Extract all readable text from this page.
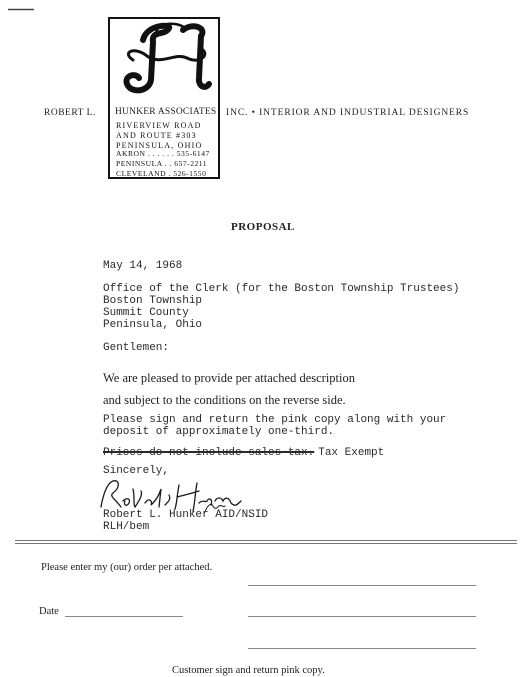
ROBERT L. HUNKER ASSOCIATES
RIVERVIEW ROAD
AND ROUTE #303
PENINSULA, OHIO
AKRON . . . . . . 535-6147
PENINSULA . . 657-2211
CLEVELAND . 526-1550
INC. • INTERIOR AND INDUSTRIAL DESIGNERS
PROPOSAL
May 14, 1968
Office of the Clerk (for the Boston Township Trustees)
Boston Township
Summit County
Peninsula, Ohio
Gentlemen:
We are pleased to provide per attached description
and subject to the conditions on the reverse side.
Please sign and return the pink copy along with your
deposit of approximately one-third.
Prices do not include sales tax. Tax Exempt
Sincerely,
Robert L. Hunker AID/NSID
RLH/bem
Please enter my (our) order per attached.
Date
Customer sign and return pink copy.
